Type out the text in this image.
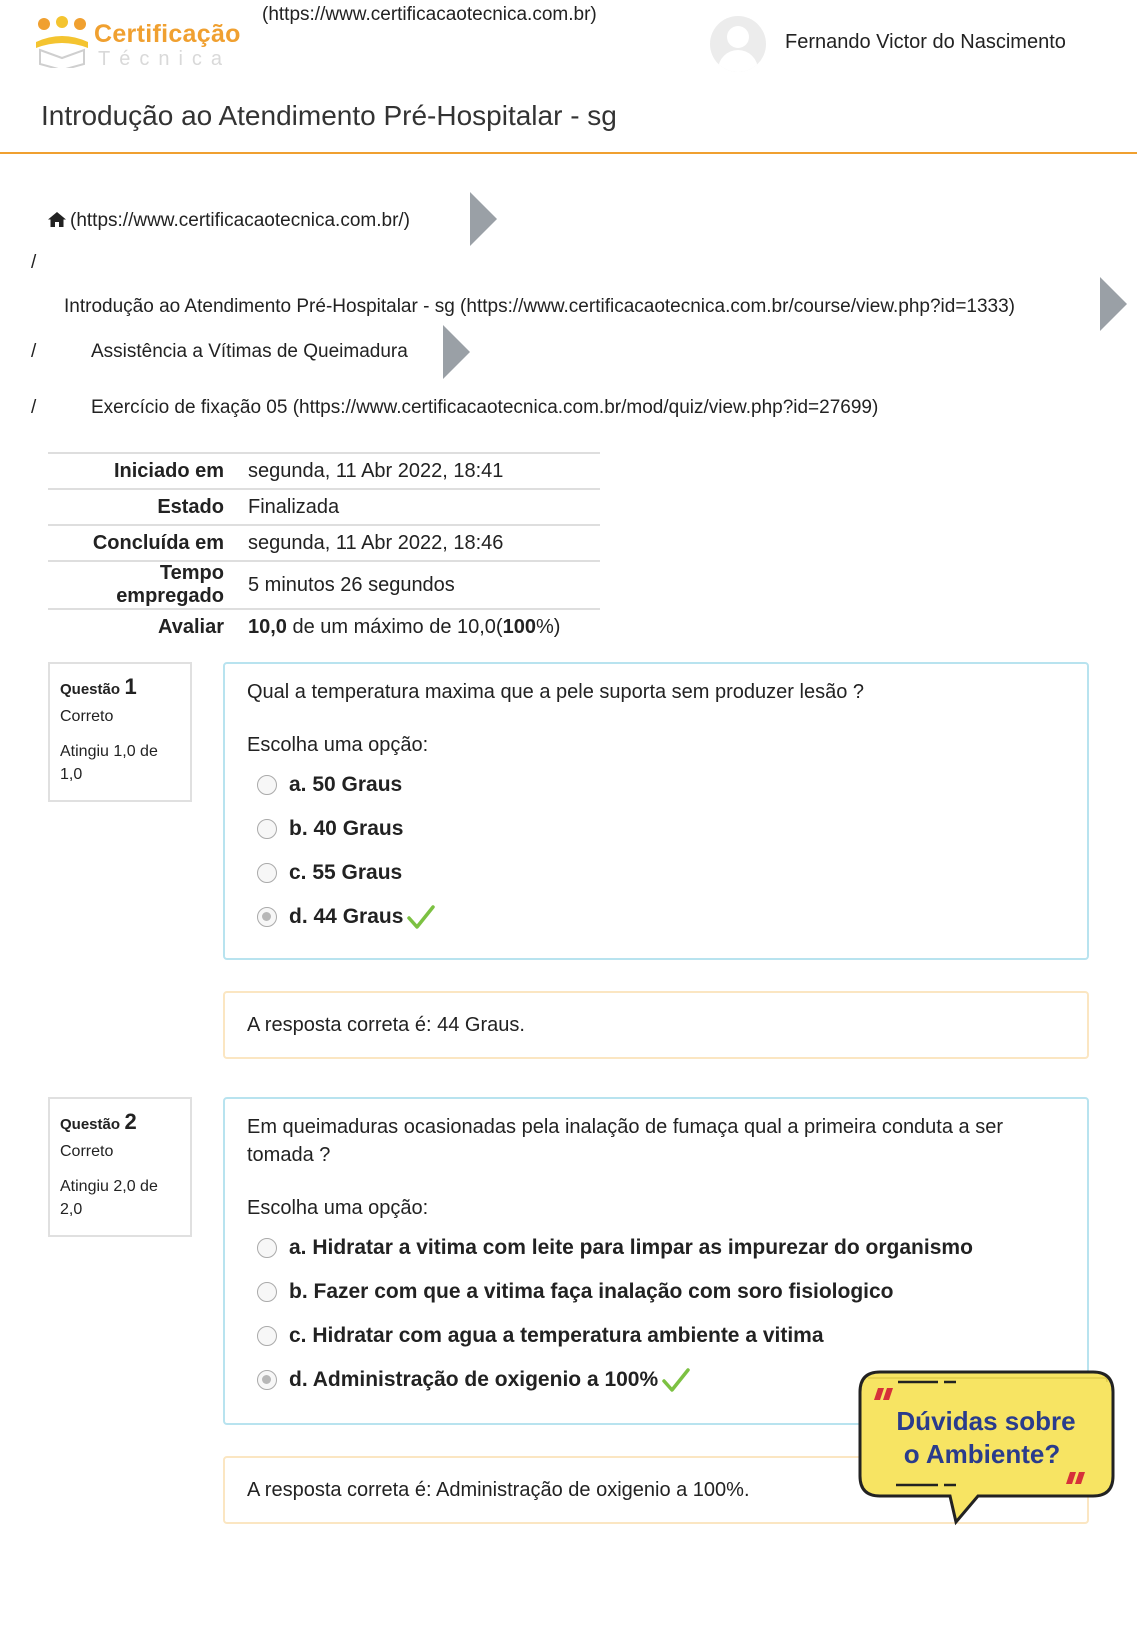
Certificação
Técnica
(https://www.certificacaotecnica.com.br)
Fernando Victor do Nascimento
Introdução ao Atendimento Pré-Hospitalar - sg
(https://www.certificacaotecnica.com.br/)
/
Introdução ao Atendimento Pré-Hospitalar - sg (https://www.certificacaotecnica.com.br/course/view.php?id=1333)
/	Assistência a Vítimas de Queimadura
/	Exercício de fixação 05 (https://www.certificacaotecnica.com.br/mod/quiz/view.php?id=27699)
Iniciado em	segunda, 11 Abr 2022, 18:41
Estado	Finalizada
Concluída em	segunda, 11 Abr 2022, 18:46
Tempo empregado	5 minutos 26 segundos
Avaliar	10,0 de um máximo de 10,0(100%)
Questão 1
Correto
Atingiu 1,0 de 1,0
Qual a temperatura maxima que a pele suporta sem produzer lesão ?
Escolha uma opção:
a. 50 Graus
b. 40 Graus
c. 55 Graus
d. 44 Graus
A resposta correta é: 44 Graus.
Questão 2
Correto
Atingiu 2,0 de 2,0
Em queimaduras ocasionadas pela inalação de fumaça qual a primeira conduta a ser tomada ?
Escolha uma opção:
a. Hidratar a vitima com leite para limpar as impurezar do organismo
b. Fazer com que a vitima faça inalação com soro fisiologico
c. Hidratar com agua a temperatura ambiente a vitima
d. Administração de oxigenio a 100%
A resposta correta é: Administração de oxigenio a 100%.
Dúvidas sobre
o Ambiente?
